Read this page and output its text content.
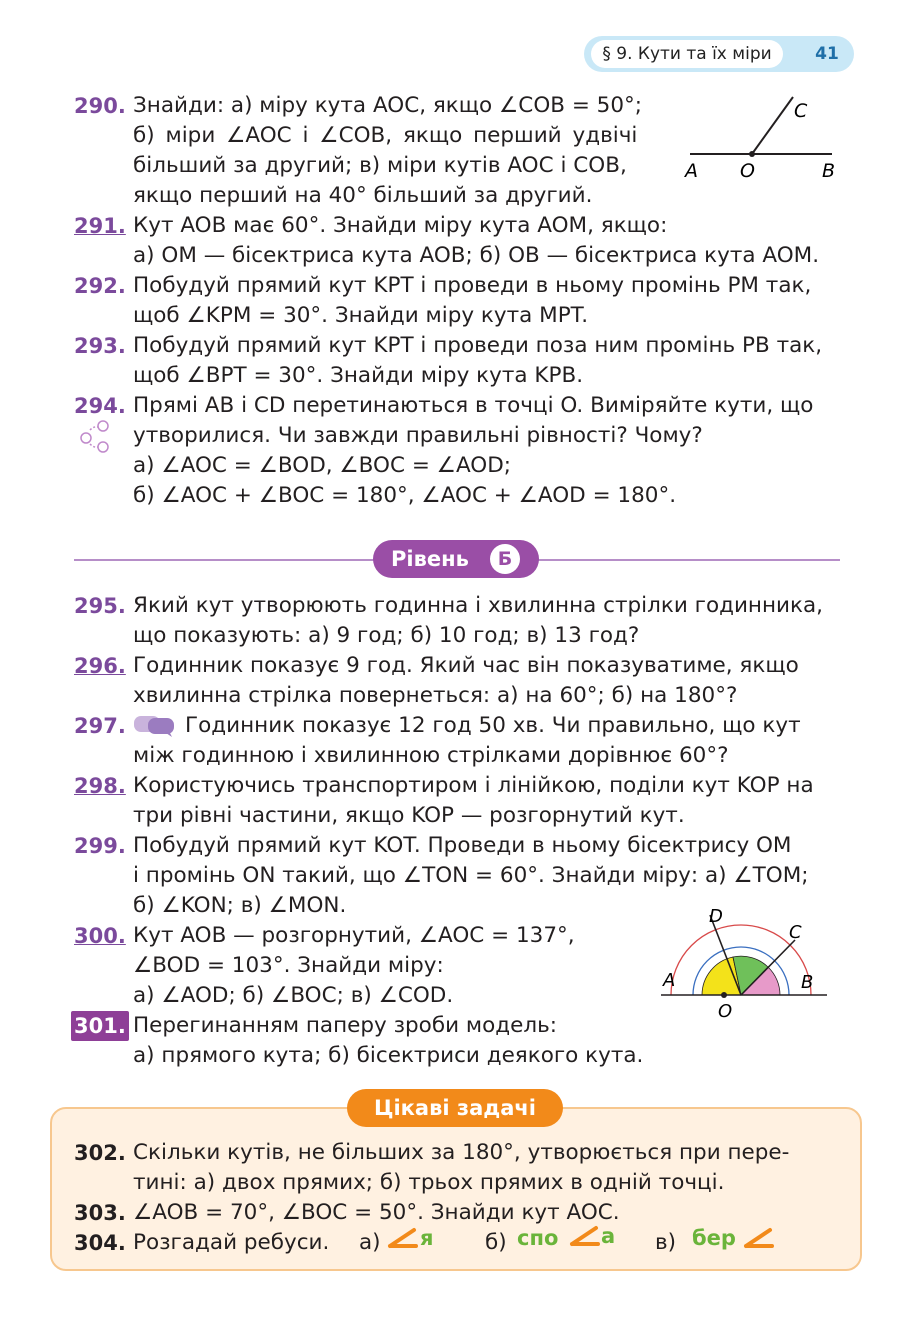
§ 9. Кути та їх міри	41
290. Знайди: а) міру кута AOC, якщо ∠COB = 50°;
б) міри ∠AOC і ∠COB, якщо перший удвічі
більший за другий; в) міри кутів AOC і COB,
якщо перший на 40° більший за другий.
A O	B
C
291. Кут AOB має 60°. Знайди міру кута AOM, якщо:
а) OM — бісектриса кута AOB; б) OB — бісектриса кута AOM.
292. Побудуй прямий кут KPT і проведи в ньому промінь PM так,
щоб ∠KPM = 30°. Знайди міру кута MPT.
293. Побудуй прямий кут KPT і проведи поза ним промінь PB так,
щоб ∠BPT = 30°. Знайди міру кута KPB.
294. Прямі AB і CD перетинаються в точці O. Виміряйте кути, що
утворилися. Чи завжди правильні рівності? Чому?
а) ∠AOC = ∠BOD, ∠BOC = ∠AOD;
б) ∠AOC + ∠BOC = 180°, ∠AOC + ∠AOD = 180°.
Рівень	Б
295. Який кут утворюють годинна і хвилинна стрілки годинника,
що показують: а) 9 год; б) 10 год; в) 13 год?
296. Годинник показує 9 год. Який час він показуватиме, якщо
хвилинна стрілка повернеться: а) на 60°; б) на 180°?
297.	Годинник показує 12 год 50 хв. Чи правильно, що кут
між годинною і хвилинною стрілками дорівнює 60°?
298. Користуючись транспортиром і лінійкою, поділи кут KOP на
три рівні частини, якщо KOP — розгорнутий кут.
299. Побудуй прямий кут KOT. Проведи в ньому бісектрису OM
і промінь ON такий, що ∠TON = 60°. Знайди міру: а) ∠TOM;
б) ∠KON; в) ∠MON.
300. Кут AOB — розгорнутий, ∠AOC = 137°,
∠BOD = 103°. Знайди міру:
а) ∠AOD; б) ∠BOC; в) ∠COD.
D
C
A	B
O
301. Перегинанням паперу зроби модель:
а) прямого кута; б) бісектриси деякого кута.
Цікаві задачі
302. Скільки кутів, не більших за 180°, утворюється при пере-
тині: а) двох прямих; б) трьох прямих в одній точці.
303. ∠AOB = 70°, ∠BOC = 50°. Знайди кут AOC.
304. Розгадай ребуси. а)	б)	в)
я	спо а	бер
